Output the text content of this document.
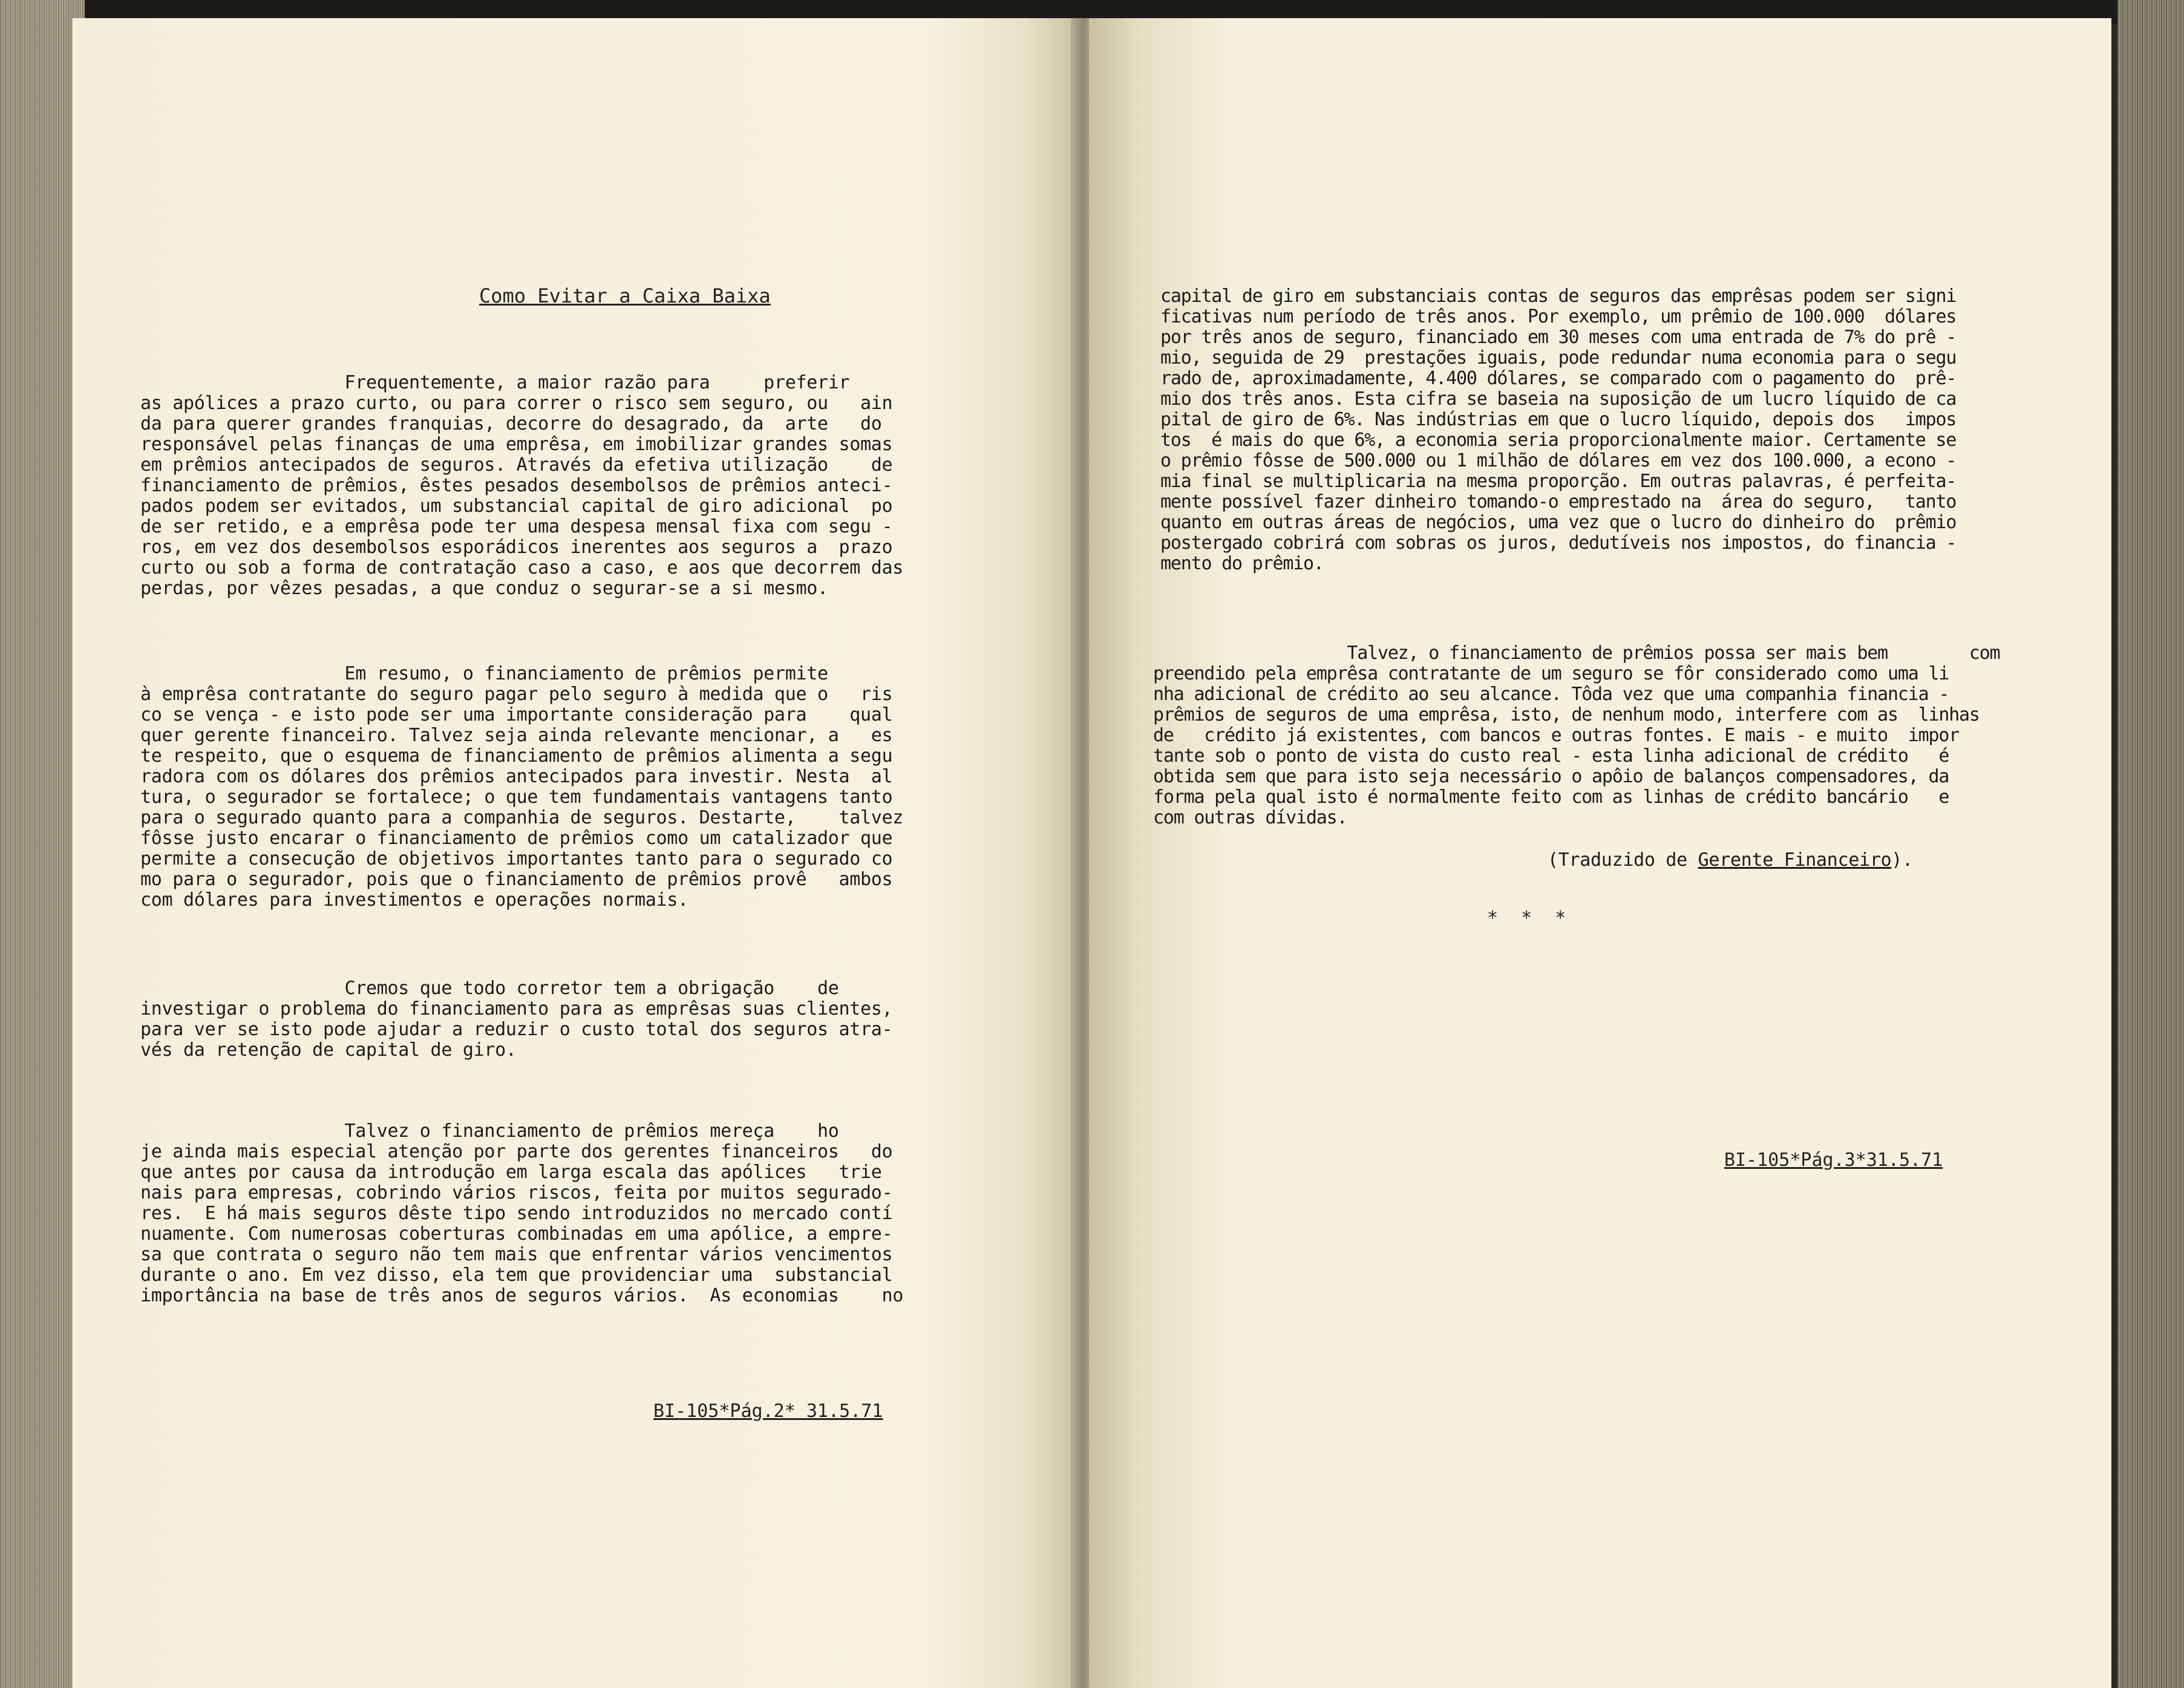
Como Evitar a Caixa Baixa
Frequentemente, a maior razão para     preferir
as apólices a prazo curto, ou para correr o risco sem seguro, ou   ain
da para querer grandes franquias, decorre do desagrado, da  arte   do
responsável pelas finanças de uma emprêsa, em imobilizar grandes somas
em prêmios antecipados de seguros. Através da efetiva utilização    de
financiamento de prêmios, êstes pesados desembolsos de prêmios anteci-
pados podem ser evitados, um substancial capital de giro adicional  po
de ser retido, e a emprêsa pode ter uma despesa mensal fixa com segu -
ros, em vez dos desembolsos esporádicos inerentes aos seguros a  prazo
curto ou sob a forma de contratação caso a caso, e aos que decorrem das
perdas, por vêzes pesadas, a que conduz o segurar-se a si mesmo.
Em resumo, o financiamento de prêmios permite
à emprêsa contratante do seguro pagar pelo seguro à medida que o   ris
co se vença - e isto pode ser uma importante consideração para    qual
quer gerente financeiro. Talvez seja ainda relevante mencionar, a   es
te respeito, que o esquema de financiamento de prêmios alimenta a segu
radora com os dólares dos prêmios antecipados para investir. Nesta  al
tura, o segurador se fortalece; o que tem fundamentais vantagens tanto
para o segurado quanto para a companhia de seguros. Destarte,    talvez
fôsse justo encarar o financiamento de prêmios como um catalizador que
permite a consecução de objetivos importantes tanto para o segurado co
mo para o segurador, pois que o financiamento de prêmios provê   ambos
com dólares para investimentos e operações normais.
Cremos que todo corretor tem a obrigação    de
investigar o problema do financiamento para as emprêsas suas clientes,
para ver se isto pode ajudar a reduzir o custo total dos seguros atra-
vés da retenção de capital de giro.
Talvez o financiamento de prêmios mereça    ho
je ainda mais especial atenção por parte dos gerentes financeiros   do
que antes por causa da introdução em larga escala das apólices   trie
nais para empresas, cobrindo vários riscos, feita por muitos segurado-
res.  E há mais seguros dêste tipo sendo introduzidos no mercado contí
nuamente. Com numerosas coberturas combinadas em uma apólice, a empre-
sa que contrata o seguro não tem mais que enfrentar vários vencimentos
durante o ano. Em vez disso, ela tem que providenciar uma  substancial
importância na base de três anos de seguros vários.  As economias    no
BI-105*Pág.2* 31.5.71
capital de giro em substanciais contas de seguros das emprêsas podem ser signi
ficativas num período de três anos. Por exemplo, um prêmio de 100.000  dólares
por três anos de seguro, financiado em 30 meses com uma entrada de 7% do prê -
mio, seguida de 29  prestações iguais, pode redundar numa economia para o segu
rado de, aproximadamente, 4.400 dólares, se comparado com o pagamento do  prê-
mio dos três anos. Esta cifra se baseia na suposição de um lucro líquido de ca
pital de giro de 6%. Nas indústrias em que o lucro líquido, depois dos   impos
tos  é mais do que 6%, a economia seria proporcionalmente maior. Certamente se
o prêmio fôsse de 500.000 ou 1 milhão de dólares em vez dos 100.000, a econo -
mia final se multiplicaria na mesma proporção. Em outras palavras, é perfeita-
mente possível fazer dinheiro tomando-o emprestado na  área do seguro,   tanto
quanto em outras áreas de negócios, uma vez que o lucro do dinheiro do  prêmio
postergado cobrirá com sobras os juros, dedutíveis nos impostos, do financia -
mento do prêmio.
Talvez, o financiamento de prêmios possa ser mais bem        com
preendido pela emprêsa contratante de um seguro se fôr considerado como uma li
nha adicional de crédito ao seu alcance. Tôda vez que uma companhia financia -
prêmios de seguros de uma emprêsa, isto, de nenhum modo, interfere com as  linhas
de   crédito já existentes, com bancos e outras fontes. E mais - e muito  impor
tante sob o ponto de vista do custo real - esta linha adicional de crédito   é
obtida sem que para isto seja necessário o apôio de balanços compensadores, da
forma pela qual isto é normalmente feito com as linhas de crédito bancário   e
com outras dívidas.
(Traduzido de Gerente Financeiro).
* * *
BI-105*Pág.3*31.5.71
